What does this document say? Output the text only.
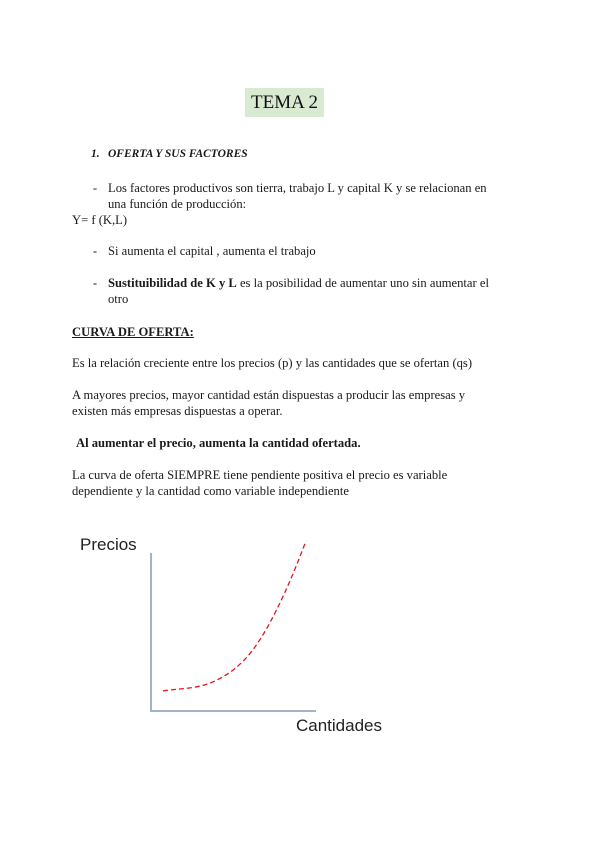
TEMA 2
1. OFERTA Y SUS FACTORES
- Los factores productivos son tierra, trabajo L y capital K y se relacionan en
una función de producción:
Y= f (K,L)
- Si aumenta el capital , aumenta el trabajo
- Sustituibilidad de K y L es la posibilidad de aumentar uno sin aumentar el
otro
CURVA DE OFERTA:
Es la relación creciente entre los precios (p) y las cantidades que se ofertan (qs)
A mayores precios, mayor cantidad están dispuestas a producir las empresas y
existen más empresas dispuestas a operar.
Al aumentar el precio, aumenta la cantidad ofertada.
La curva de oferta SIEMPRE tiene pendiente positiva el precio es variable
dependiente y la cantidad como variable independiente
Precios
Cantidades
